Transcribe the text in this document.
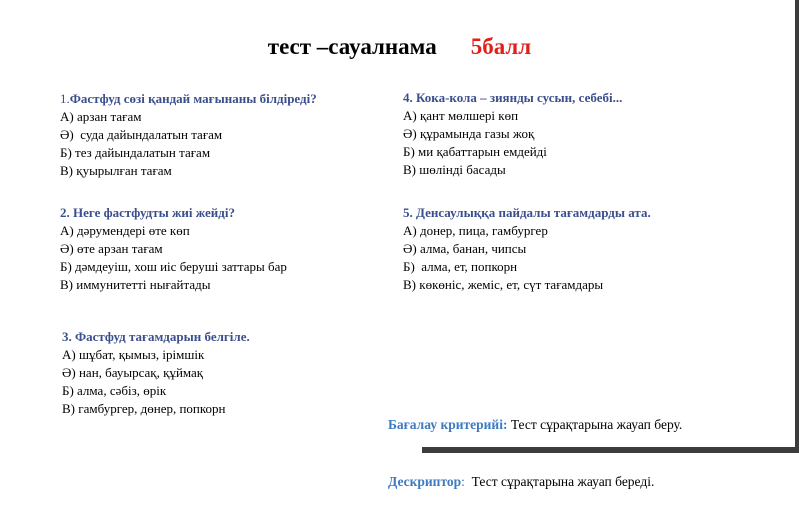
тест –сауалнама 5балл
1.Фастфуд сөзі қандай мағынаны білдіреді?
А) арзан тағам
Ә)  суда дайындалатын тағам
Б) тез дайындалатын тағам
В) қуырылған тағам
2. Неге фастфудты жиі жейді?
А) дәрумендері өте көп
Ә) өте арзан тағам
Б) дәмдеуіш, хош иіс беруші заттары бар
В) иммунитетті нығайтады
3. Фастфуд тағамдарын белгіле.
А) шұбат, қымыз, ірімшік
Ә) нан, бауырсақ, құймақ
Б) алма, сәбіз, өрік
В) гамбургер, дөнер, попкорн
4. Кока-кола – зиянды сусын, себебі...
А) қант мөлшері көп
Ә) құрамында газы жоқ
Б) ми қабаттарын емдейді
В) шөлінді басады
5. Денсаулыққа пайдалы тағамдарды ата.
А) донер, пица, гамбургер
Ә) алма, банан, чипсы
Б)  алма, ет, попкорн
В) көкөніс, жеміс, ет, сүт тағамдары

Бағалау критерийі: Тест сұрақтарына жауап беру.

Дескриптор:  Тест сұрақтарына жауап береді.
